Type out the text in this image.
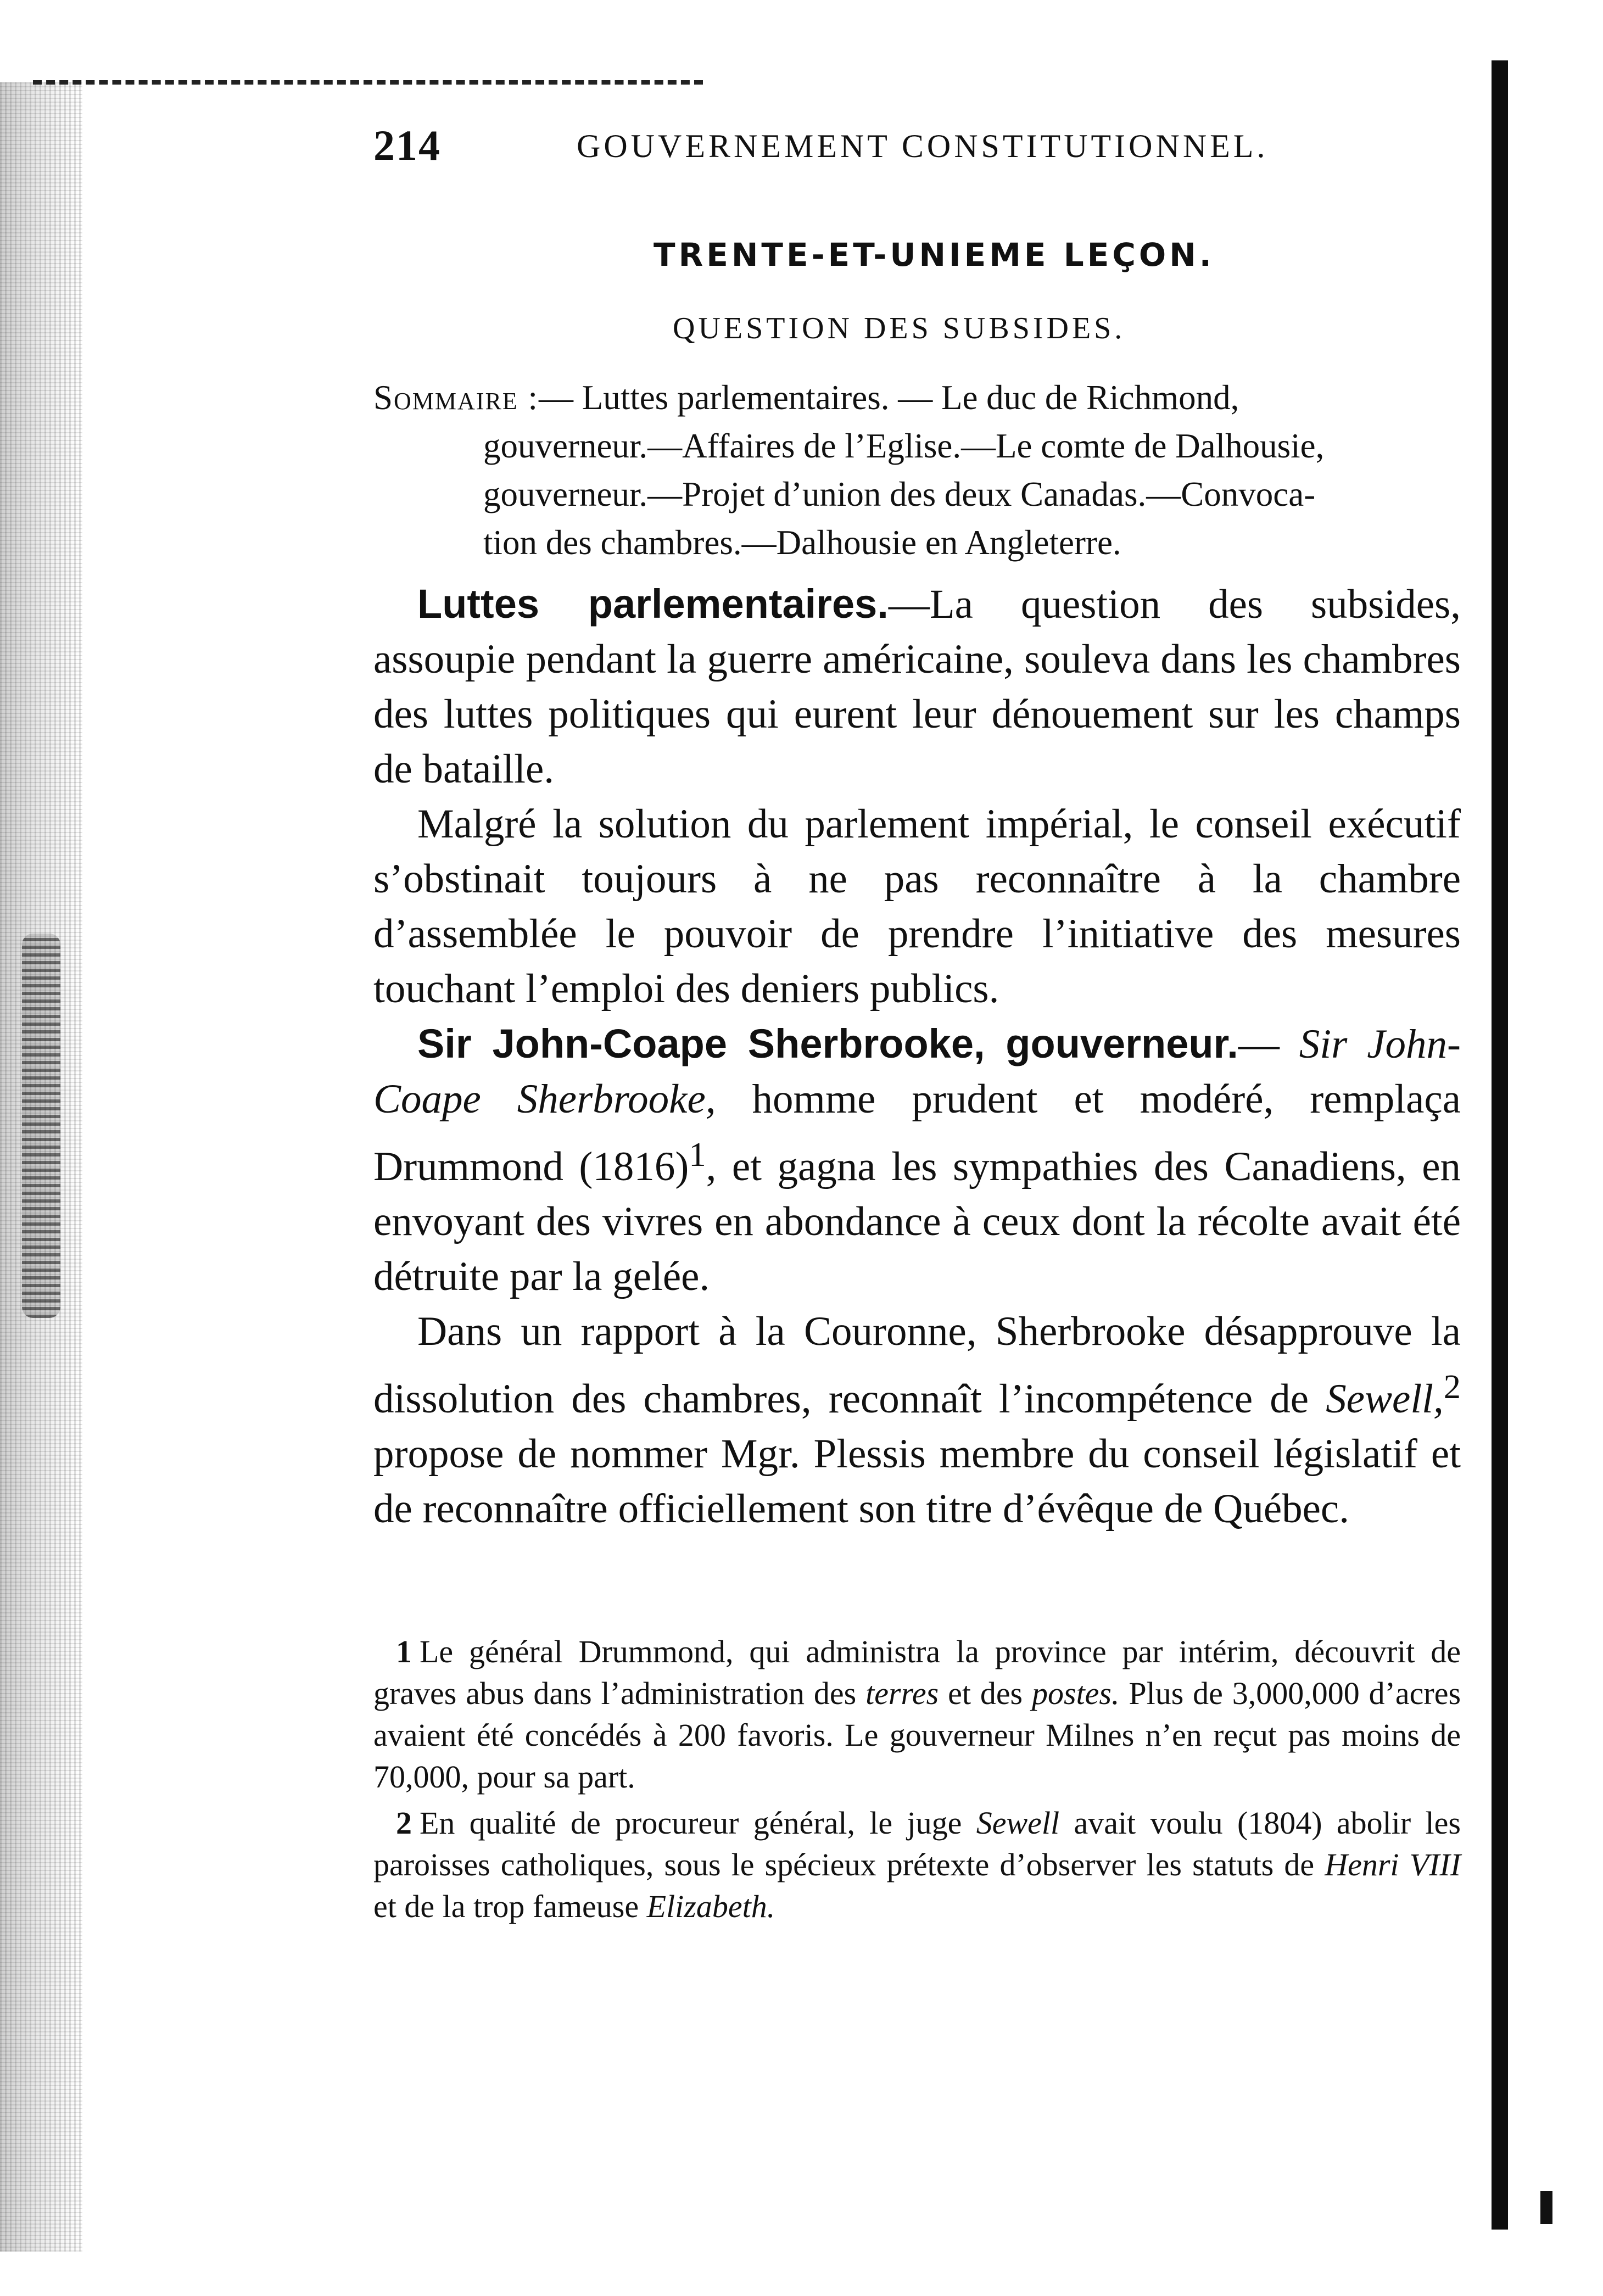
214	GOUVERNEMENT CONSTITUTIONNEL.
TRENTE-ET-UNIEME LEÇON.
QUESTION DES SUBSIDES.
Sommaire :— Luttes parlementaires. — Le duc de Richmond,
gouverneur.—Affaires de l’Eglise.—Le comte de Dalhousie,
gouverneur.—Projet d’union des deux Canadas.—Convoca-
tion des chambres.—Dalhousie en Angleterre.

Luttes parlementaires.—La question des subsides, assoupie pendant la guerre américaine, souleva dans les chambres des luttes politiques qui eurent leur dénouement sur les champs de bataille.

Malgré la solution du parlement impérial, le conseil exécutif s’obstinait toujours à ne pas reconnaître à la chambre d’assemblée le pouvoir de prendre l’initiative des mesures touchant l’emploi des deniers publics.

Sir John-Coape Sherbrooke, gouverneur.— Sir John-Coape Sherbrooke, homme prudent et modéré, remplaça Drummond $(1816)^1$, et gagna les sympathies des Canadiens, en envoyant des vivres en abondance à ceux dont la récolte avait été détruite par la gelée.

Dans un rapport à la Couronne, Sherbrooke désapprouve la dissolution des chambres, reconnaît l’incompétence de Sewell,$^2$ propose de nommer Mgr. Plessis membre du conseil législatif et de reconnaître officiellement son titre d’évêque de Québec.

1 Le général Drummond, qui administra la province par intérim, découvrit de graves abus dans l’administration des terres et des postes. Plus de 3,000,000 d’acres avaient été concédés à 200 favoris. Le gouverneur Milnes n’en reçut pas moins de 70,000, pour sa part.

2 En qualité de procureur général, le juge Sewell avait voulu (1804) abolir les paroisses catholiques, sous le spécieux prétexte d’observer les statuts de Henri VIII et de la trop fameuse Elizabeth.
